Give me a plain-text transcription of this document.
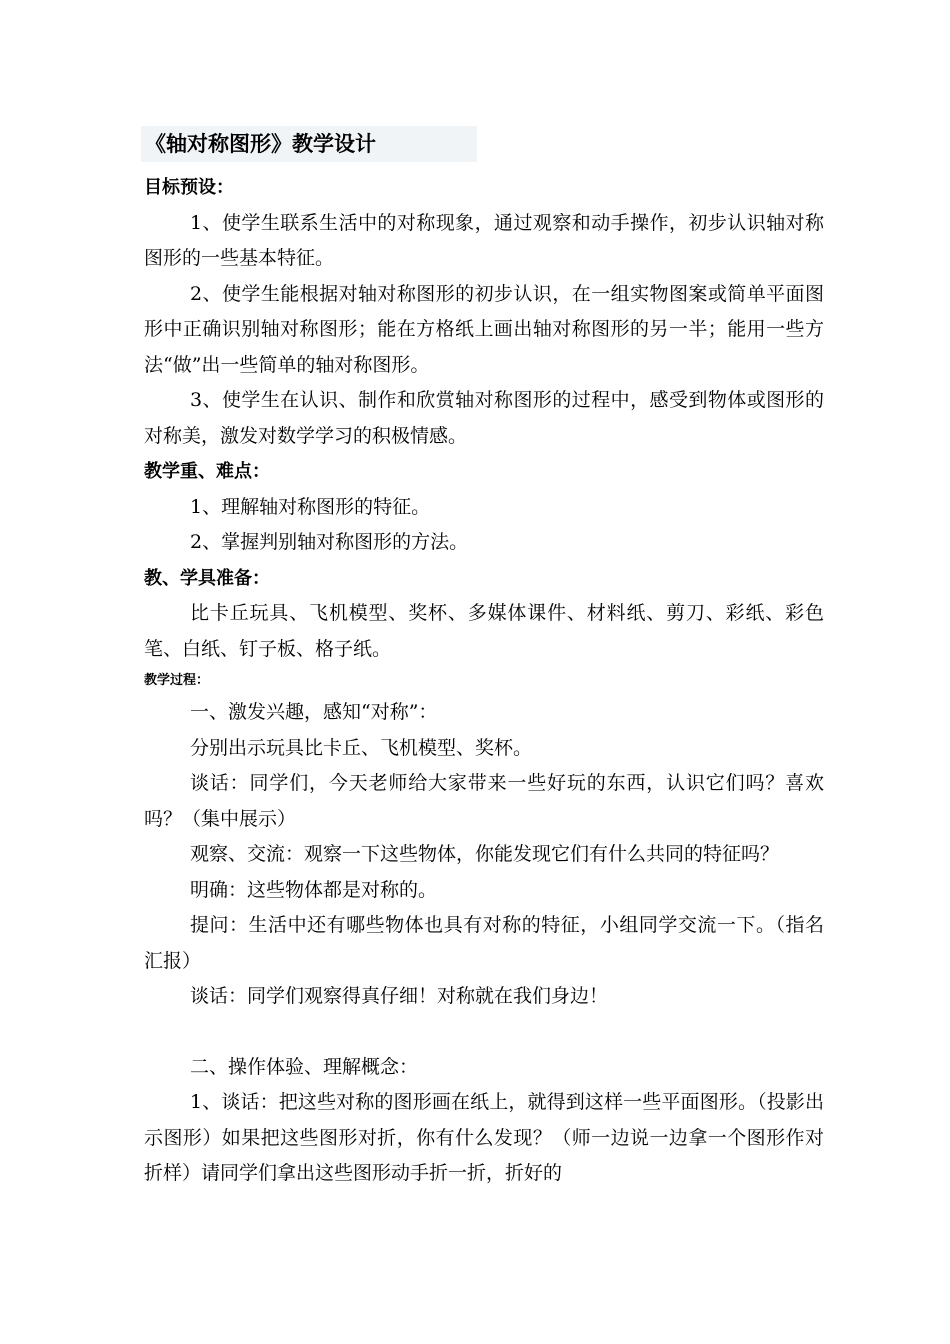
《轴对称图形》教学设计

目标预设：

1、使学生联系生活中的对称现象，通过观察和动手操作，初步认识轴对称图形的一些基本特征。

2、使学生能根据对轴对称图形的初步认识，在一组实物图案或简单平面图形中正确识别轴对称图形；能在方格纸上画出轴对称图形的另一半；能用一些方法“做”出一些简单的轴对称图形。

3、使学生在认识、制作和欣赏轴对称图形的过程中，感受到物体或图形的对称美，激发对数学学习的积极情感。

教学重、难点：

1、理解轴对称图形的特征。

2、掌握判别轴对称图形的方法。

教、学具准备：

比卡丘玩具、飞机模型、奖杯、多媒体课件、材料纸、剪刀、彩纸、彩色笔、白纸、钉子板、格子纸。

教学过程：

一、激发兴趣，感知“对称”：

分别出示玩具比卡丘、飞机模型、奖杯。

谈话：同学们，今天老师给大家带来一些好玩的东西，认识它们吗？喜欢吗？（集中展示）

观察、交流：观察一下这些物体，你能发现它们有什么共同的特征吗？

明确：这些物体都是对称的。

提问：生活中还有哪些物体也具有对称的特征，小组同学交流一下。（指名汇报）

谈话：同学们观察得真仔细！对称就在我们身边！

二、操作体验、理解概念：

1、谈话：把这些对称的图形画在纸上，就得到这样一些平面图形。（投影出示图形）如果把这些图形对折，你有什么发现？（师一边说一边拿一个图形作对折样）请同学们拿出这些图形动手折一折，折好的
